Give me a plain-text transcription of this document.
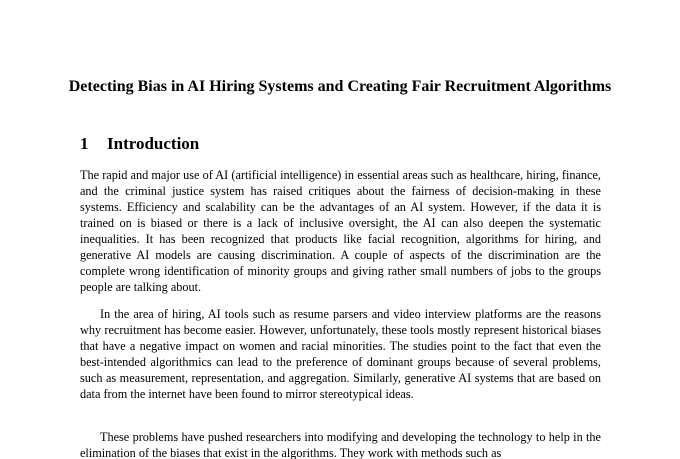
Detecting Bias in AI Hiring Systems and Creating Fair Recruitment Algorithms
1 Introduction

The rapid and major use of AI (artificial intelligence) in essential areas such as healthcare, hiring, finance, and the criminal justice system has raised critiques about the fairness of decision-making in these systems. Efficiency and scalability can be the advantages of an AI system. However, if the data it is trained on is biased or there is a lack of inclusive oversight, the AI can also deepen the systematic inequalities. It has been recognized that products like facial recognition, algorithms for hiring, and generative AI models are causing discrimination. A couple of aspects of the discrimination are the complete wrong identification of minority groups and giving rather small numbers of jobs to the groups people are talking about.

In the area of hiring, AI tools such as resume parsers and video interview platforms are the reasons why recruitment has become easier. However, unfortunately, these tools mostly represent historical biases that have a negative impact on women and racial minorities. The studies point to the fact that even the best-intended algorithmics can lead to the preference of dominant groups because of several problems, such as measurement, representation, and aggregation. Similarly, generative AI systems that are based on data from the internet have been found to mirror stereotypical ideas.

These problems have pushed researchers into modifying and developing the technology to help in the elimination of the biases that exist in the algorithms. They work with methods such as
